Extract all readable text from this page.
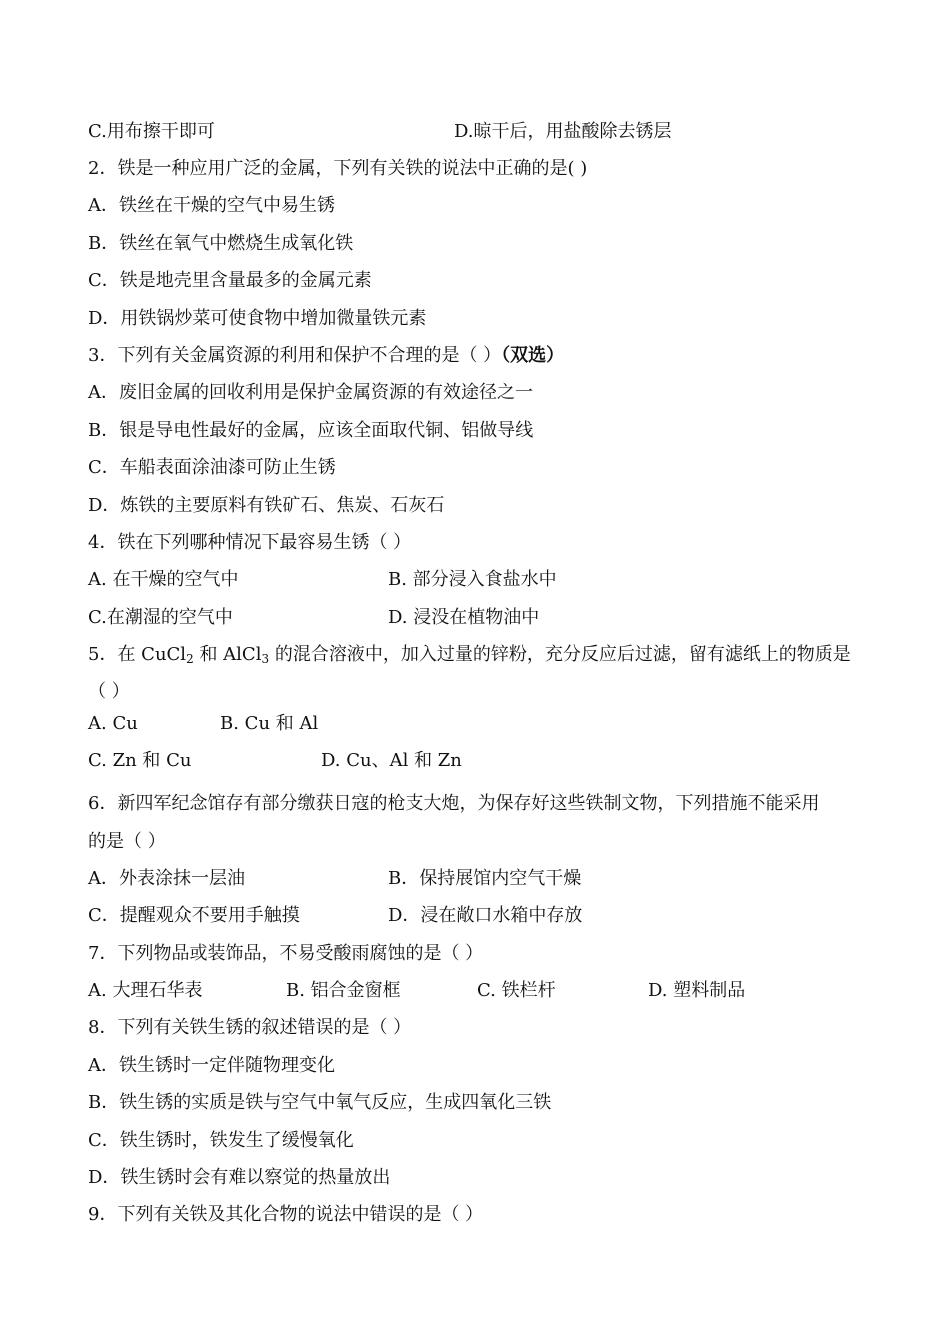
C.用布擦干即可	D.晾干后，用盐酸除去锈层
2．铁是一种应用广泛的金属，下列有关铁的说法中正确的是( )
A．铁丝在干燥的空气中易生锈
B．铁丝在氧气中燃烧生成氧化铁
C．铁是地壳里含量最多的金属元素
D．用铁锅炒菜可使食物中增加微量铁元素
3．下列有关金属资源的利用和保护不合理的是（ ）（双选）
A．废旧金属的回收利用是保护金属资源的有效途径之一
B．银是导电性最好的金属，应该全面取代铜、铝做导线
C．车船表面涂油漆可防止生锈
D．炼铁的主要原料有铁矿石、焦炭、石灰石
4．铁在下列哪种情况下最容易生锈（ ）
A. 在干燥的空气中	B. 部分浸入食盐水中
C.在潮湿的空气中	D. 浸没在植物油中
5．在 CuCl$_2$ 和 AlCl$_3$ 的混合溶液中，加入过量的锌粉，充分反应后过滤，留有滤纸上的物质是
（ ）
A. Cu	B. Cu 和 Al
C. Zn 和 Cu	D. Cu、Al 和 Zn
6．新四军纪念馆存有部分缴获日寇的枪支大炮，为保存好这些铁制文物，下列措施不能采用
的是（ ）
A．外表涂抹一层油	B．保持展馆内空气干燥
C．提醒观众不要用手触摸	D．浸在敞口水箱中存放
7．下列物品或装饰品，不易受酸雨腐蚀的是（ ）
A. 大理石华表	B. 铝合金窗框	C. 铁栏杆	D. 塑料制品
8．下列有关铁生锈的叙述错误的是（ ）
A．铁生锈时一定伴随物理变化
B．铁生锈的实质是铁与空气中氧气反应，生成四氧化三铁
C．铁生锈时，铁发生了缓慢氧化
D．铁生锈时会有难以察觉的热量放出
9．下列有关铁及其化合物的说法中错误的是（ ）
